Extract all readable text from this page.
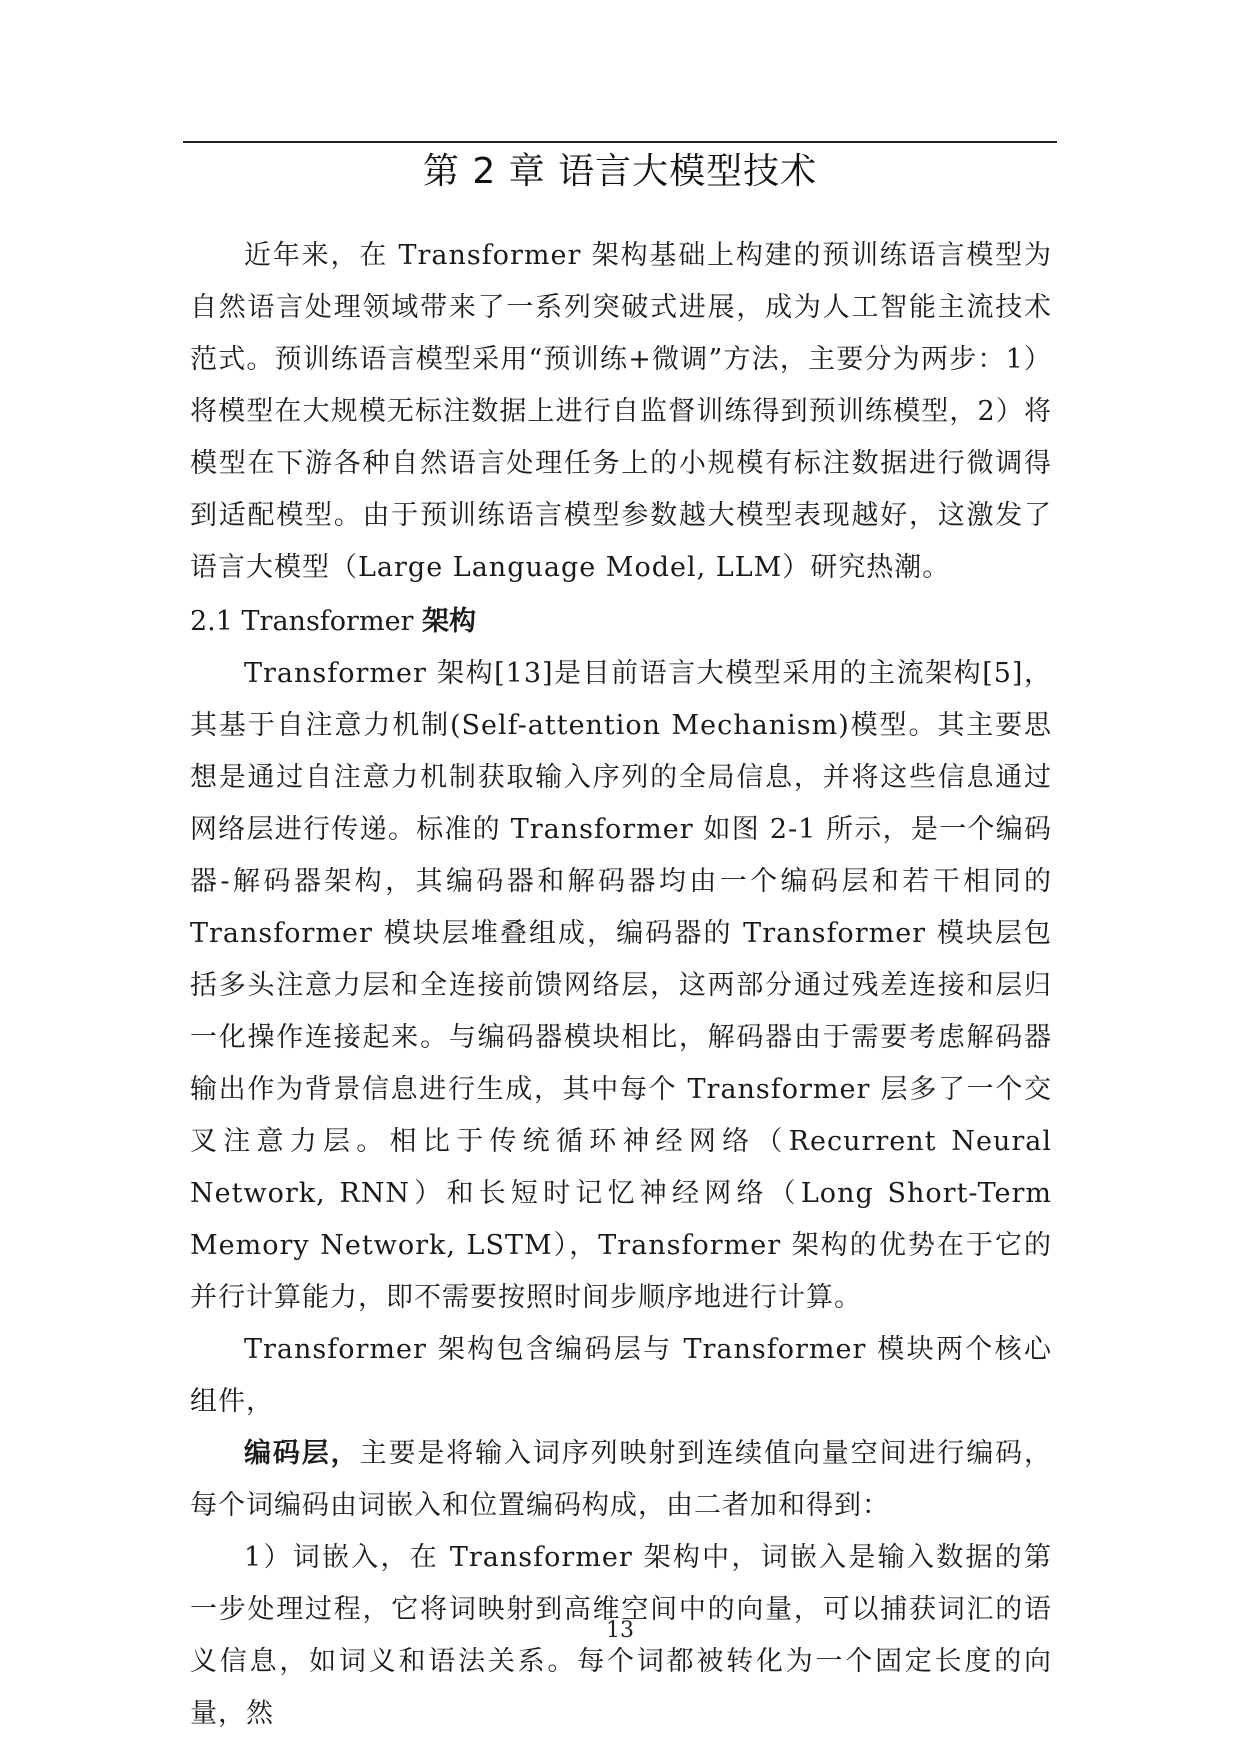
第 2 章 语言大模型技术

近年来，在 Transformer 架构基础上构建的预训练语言模型为自然语言处理领域带来了一系列突破式进展，成为人工智能主流技术范式。预训练语言模型采用“预训练+微调”方法，主要分为两步：1）将模型在大规模无标注数据上进行自监督训练得到预训练模型，2）将模型在下游各种自然语言处理任务上的小规模有标注数据进行微调得到适配模型。由于预训练语言模型参数越大模型表现越好，这激发了语言大模型（Large Language Model, LLM）研究热潮。

2.1 Transformer 架构

Transformer 架构[13]是目前语言大模型采用的主流架构[5]，其基于自注意力机制(Self-attention Mechanism)模型。其主要思想是通过自注意力机制获取输入序列的全局信息，并将这些信息通过网络层进行传递。标准的 Transformer 如图 2-1 所示，是一个编码器-解码器架构，其编码器和解码器均由一个编码层和若干相同的 Transformer 模块层堆叠组成，编码器的 Transformer 模块层包括多头注意力层和全连接前馈网络层，这两部分通过残差连接和层归一化操作连接起来。与编码器模块相比，解码器由于需要考虑解码器输出作为背景信息进行生成，其中每个 Transformer 层多了一个交叉注意力层。相比于传统循环神经网络（Recurrent Neural Network, RNN）和长短时记忆神经网络（Long Short-Term Memory Network, LSTM），Transformer 架构的优势在于它的并行计算能力，即不需要按照时间步顺序地进行计算。

Transformer 架构包含编码层与 Transformer 模块两个核心组件，

编码层，主要是将输入词序列映射到连续值向量空间进行编码，每个词编码由词嵌入和位置编码构成，由二者加和得到：

1）词嵌入，在 Transformer 架构中，词嵌入是输入数据的第一步处理过程，它将词映射到高维空间中的向量，可以捕获词汇的语义信息，如词义和语法关系。每个词都被转化为一个固定长度的向量，然

13
